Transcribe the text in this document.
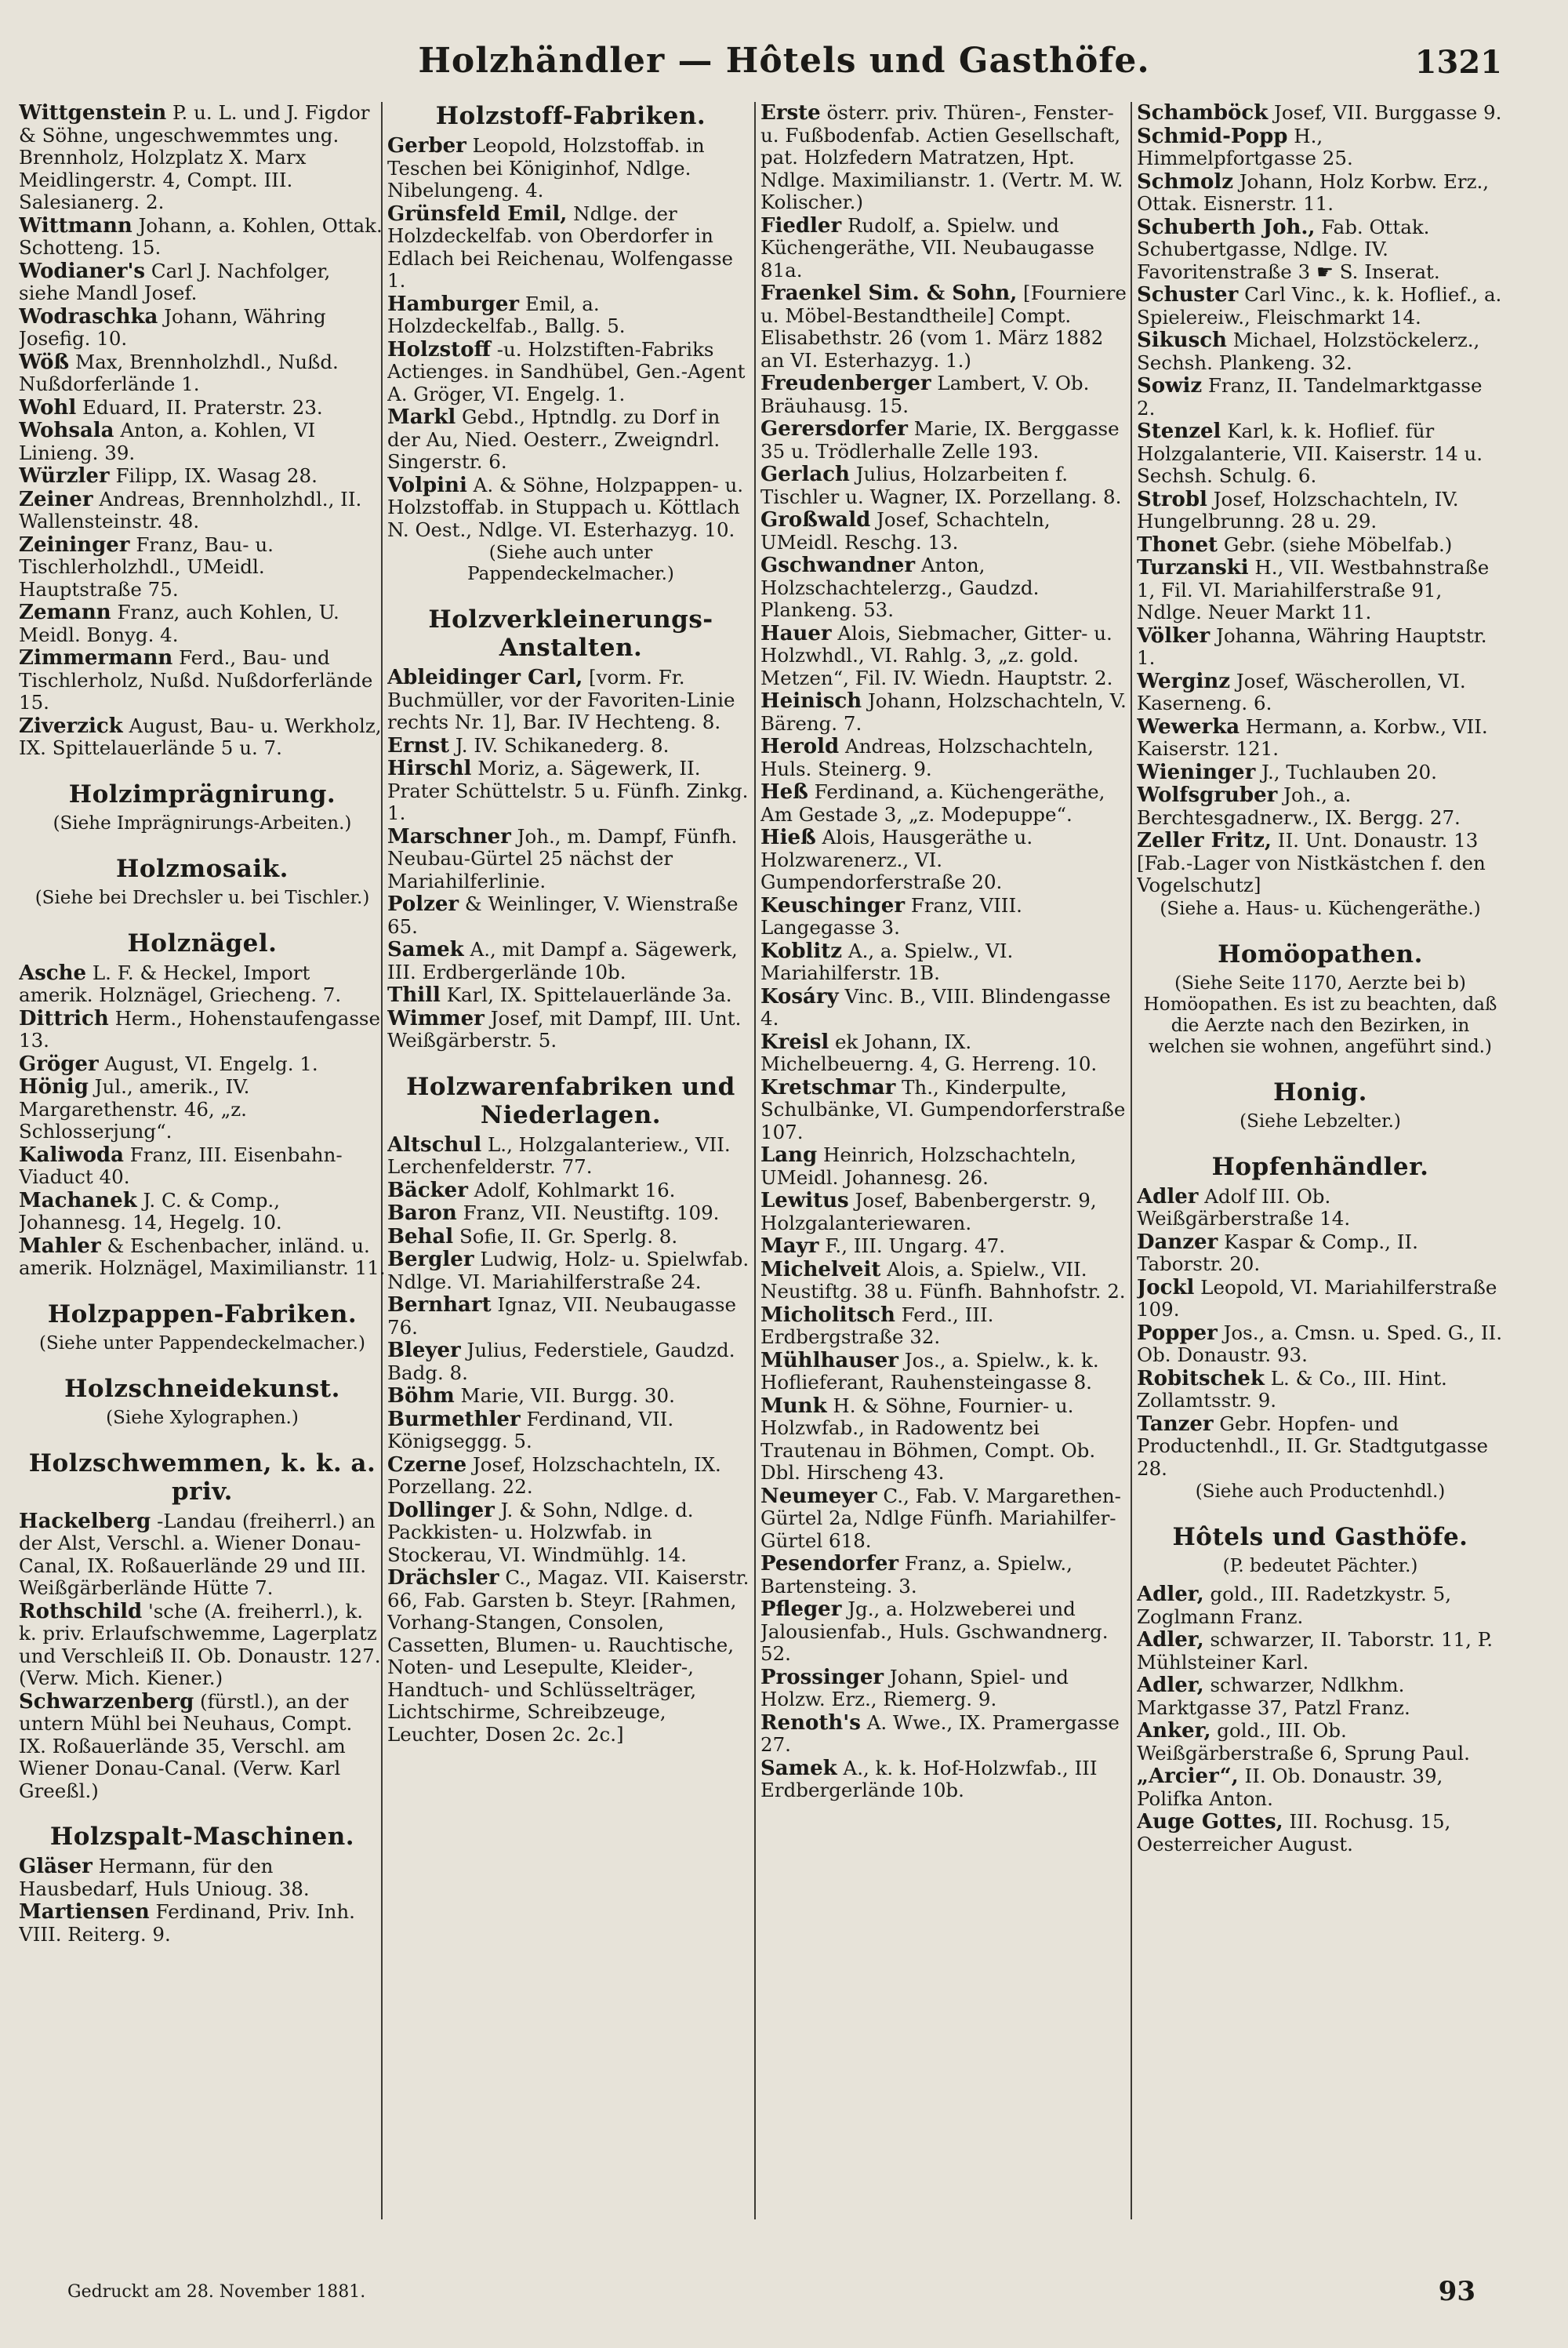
Holzhändler — Hôtels und Gasthöfe.	1321
Wittgenstein P. u. L. und J. Figdor & Söhne, ungeschwemmtes ung. Brennholz, Holzplatz X. Marx Meidlingerstr. 4, Compt. III. Salesianerg. 2.
Wittmann Johann, a. Kohlen, Ottak. Schotteng. 15.
Wodianer's Carl J. Nachfolger, siehe Mandl Josef.
Wodraschka Johann, Währing Josefig. 10.
Wöß Max, Brennholzhdl., Nußd. Nußdorferlände 1.
Wohl Eduard, II. Praterstr. 23.
Wohsala Anton, a. Kohlen, VI Linieng. 39.
Würzler Filipp, IX. Wasag 28.
Zeiner Andreas, Brennholzhdl., II. Wallensteinstr. 48.
Zeininger Franz, Bau- u. Tischlerholzhdl., UMeidl. Hauptstraße 75.
Zemann Franz, auch Kohlen, U. Meidl. Bonyg. 4.
Zimmermann Ferd., Bau- und Tischlerholz, Nußd. Nußdorferlände 15.
Ziverzick August, Bau- u. Werkholz, IX. Spittelauerlände 5 u. 7.
Holzimprägnirung.
(Siehe Imprägnirungs-Arbeiten.)
Holzmosaik.
(Siehe bei Drechsler u. bei Tischler.)
Holznägel.
Asche L. F. & Heckel, Import amerik. Holznägel, Griecheng. 7.
Dittrich Herm., Hohenstaufengasse 13.
Gröger August, VI. Engelg. 1.
Hönig Jul., amerik., IV. Margarethenstr. 46, „z. Schlosserjung“.
Kaliwoda Franz, III. Eisenbahn-Viaduct 40.
Machanek J. C. & Comp., Johannesg. 14, Hegelg. 10.
Mahler & Eschenbacher, inländ. u. amerik. Holznägel, Maximilianstr. 11.
Holzpappen-Fabriken.
(Siehe unter Pappendeckelmacher.)
Holzschneidekunst.
(Siehe Xylographen.)
Holzschwemmen, k. k. a. priv.
Hackelberg -Landau (freiherrl.) an der Alst, Verschl. a. Wiener Donau-Canal, IX. Roßauerlände 29 und III. Weißgärberlände Hütte 7.
Rothschild 'sche (A. freiherrl.), k. k. priv. Erlaufschwemme, Lagerplatz und Verschleiß II. Ob. Donaustr. 127. (Verw. Mich. Kiener.)
Schwarzenberg (fürstl.), an der untern Mühl bei Neuhaus, Compt. IX. Roßauerlände 35, Verschl. am Wiener Donau-Canal. (Verw. Karl Greeßl.)
Holzspalt-Maschinen.
Gläser Hermann, für den Hausbedarf, Huls Unioug. 38.
Martiensen Ferdinand, Priv. Inh. VIII. Reiterg. 9.
Holzstoff-Fabriken.
Gerber Leopold, Holzstoffab. in Teschen bei Königinhof, Ndlge. Nibelungeng. 4.
Grünsfeld Emil, Ndlge. der Holzdeckelfab. von Oberdorfer in Edlach bei Reichenau, Wolfengasse 1.
Hamburger Emil, a. Holzdeckelfab., Ballg. 5.
Holzstoff -u. Holzstiften-Fabriks Actienges. in Sandhübel, Gen.-Agent A. Gröger, VI. Engelg. 1.
Markl Gebd., Hptndlg. zu Dorf in der Au, Nied. Oesterr., Zweigndrl. Singerstr. 6.
Volpini A. & Söhne, Holzpappen- u. Holzstoffab. in Stuppach u. Köttlach N. Oest., Ndlge. VI. Esterhazyg. 10.
(Siehe auch unter Pappendeckelmacher.)
Holzverkleinerungs-Anstalten.
Ableidinger Carl, [vorm. Fr. Buchmüller, vor der Favoriten-Linie rechts Nr. 1], Bar. IV Hechteng. 8.
Ernst J. IV. Schikanederg. 8.
Hirschl Moriz, a. Sägewerk, II. Prater Schüttelstr. 5 u. Fünfh. Zinkg. 1.
Marschner Joh., m. Dampf, Fünfh. Neubau-Gürtel 25 nächst der Mariahilferlinie.
Polzer & Weinlinger, V. Wienstraße 65.
Samek A., mit Dampf a. Sägewerk, III. Erdbergerlände 10b.
Thill Karl, IX. Spittelauerlände 3a.
Wimmer Josef, mit Dampf, III. Unt. Weißgärberstr. 5.
Holzwarenfabriken und Niederlagen.
Altschul L., Holzgalanteriew., VII. Lerchenfelderstr. 77.
Bäcker Adolf, Kohlmarkt 16.
Baron Franz, VII. Neustiftg. 109.
Behal Sofie, II. Gr. Sperlg. 8.
Bergler Ludwig, Holz- u. Spielwfab. Ndlge. VI. Mariahilferstraße 24.
Bernhart Ignaz, VII. Neubaugasse 76.
Bleyer Julius, Federstiele, Gaudzd. Badg. 8.
Böhm Marie, VII. Burgg. 30.
Burmethler Ferdinand, VII. Königseggg. 5.
Czerne Josef, Holzschachteln, IX. Porzellang. 22.
Dollinger J. & Sohn, Ndlge. d. Packkisten- u. Holzwfab. in Stockerau, VI. Windmühlg. 14.
Drächsler C., Magaz. VII. Kaiserstr. 66, Fab. Garsten b. Steyr. [Rahmen, Vorhang-Stangen, Consolen, Cassetten, Blumen- u. Rauchtische, Noten- und Lesepulte, Kleider-, Handtuch- und Schlüsselträger, Lichtschirme, Schreibzeuge, Leuchter, Dosen 2c. 2c.]
Erste österr. priv. Thüren-, Fenster- u. Fußbodenfab. Actien Gesellschaft, pat. Holzfedern Matratzen, Hpt. Ndlge. Maximilianstr. 1. (Vertr. M. W. Kolischer.)
Fiedler Rudolf, a. Spielw. und Küchengeräthe, VII. Neubaugasse 81a.
Fraenkel Sim. & Sohn, [Fourniere u. Möbel-Bestandtheile] Compt. Elisabethstr. 26 (vom 1. März 1882 an VI. Esterhazyg. 1.)
Freudenberger Lambert, V. Ob. Bräuhausg. 15.
Gerersdorfer Marie, IX. Berggasse 35 u. Trödlerhalle Zelle 193.
Gerlach Julius, Holzarbeiten f. Tischler u. Wagner, IX. Porzellang. 8.
Großwald Josef, Schachteln, UMeidl. Reschg. 13.
Gschwandner Anton, Holzschachtelerzg., Gaudzd. Plankeng. 53.
Hauer Alois, Siebmacher, Gitter- u. Holzwhdl., VI. Rahlg. 3, „z. gold. Metzen“, Fil. IV. Wiedn. Hauptstr. 2.
Heinisch Johann, Holzschachteln, V. Bäreng. 7.
Herold Andreas, Holzschachteln, Huls. Steinerg. 9.
Heß Ferdinand, a. Küchengeräthe, Am Gestade 3, „z. Modepuppe“.
Hieß Alois, Hausgeräthe u. Holzwarenerz., VI. Gumpendorferstraße 20.
Keuschinger Franz, VIII. Langegasse 3.
Koblitz A., a. Spielw., VI. Mariahilferstr. 1B.
Kosáry Vinc. B., VIII. Blindengasse 4.
Kreisl ek Johann, IX. Michelbeuerng. 4, G. Herreng. 10.
Kretschmar Th., Kinderpulte, Schulbänke, VI. Gumpendorferstraße 107.
Lang Heinrich, Holzschachteln, UMeidl. Johannesg. 26.
Lewitus Josef, Babenbergerstr. 9, Holzgalanteriewaren.
Mayr F., III. Ungarg. 47.
Michelveit Alois, a. Spielw., VII. Neustiftg. 38 u. Fünfh. Bahnhofstr. 2.
Micholitsch Ferd., III. Erdbergstraße 32.
Mühlhauser Jos., a. Spielw., k. k. Hoflieferant, Rauhensteingasse 8.
Munk H. & Söhne, Fournier- u. Holzwfab., in Radowentz bei Trautenau in Böhmen, Compt. Ob. Dbl. Hirscheng 43.
Neumeyer C., Fab. V. Margarethen-Gürtel 2a, Ndlge Fünfh. Mariahilfer-Gürtel 618.
Pesendorfer Franz, a. Spielw., Bartensteing. 3.
Pfleger Jg., a. Holzweberei und Jalousienfab., Huls. Gschwandnerg. 52.
Prossinger Johann, Spiel- und Holzw. Erz., Riemerg. 9.
Renoth's A. Wwe., IX. Pramergasse 27.
Samek A., k. k. Hof-Holzwfab., III Erdbergerlände 10b.
Schamböck Josef, VII. Burggasse 9.
Schmid-Popp H., Himmelpfortgasse 25.
Schmolz Johann, Holz Korbw. Erz., Ottak. Eisnerstr. 11.
Schuberth Joh., Fab. Ottak. Schubertgasse, Ndlge. IV. Favoritenstraße 3 ☛ S. Inserat.
Schuster Carl Vinc., k. k. Hoflief., a. Spielereiw., Fleischmarkt 14.
Sikusch Michael, Holzstöckelerz., Sechsh. Plankeng. 32.
Sowiz Franz, II. Tandelmarktgasse 2.
Stenzel Karl, k. k. Hoflief. für Holzgalanterie, VII. Kaiserstr. 14 u. Sechsh. Schulg. 6.
Strobl Josef, Holzschachteln, IV. Hungelbrunng. 28 u. 29.
Thonet Gebr. (siehe Möbelfab.)
Turzanski H., VII. Westbahnstraße 1, Fil. VI. Mariahilferstraße 91, Ndlge. Neuer Markt 11.
Völker Johanna, Währing Hauptstr. 1.
Werginz Josef, Wäscherollen, VI. Kaserneng. 6.
Wewerka Hermann, a. Korbw., VII. Kaiserstr. 121.
Wieninger J., Tuchlauben 20.
Wolfsgruber Joh., a. Berchtesgadnerw., IX. Bergg. 27.
Zeller Fritz, II. Unt. Donaustr. 13 [Fab.-Lager von Nistkästchen f. den Vogelschutz]
(Siehe a. Haus- u. Küchengeräthe.)
Homöopathen.
(Siehe Seite 1170, Aerzte bei b) Homöopathen. Es ist zu beachten, daß die Aerzte nach den Bezirken, in welchen sie wohnen, angeführt sind.)
Honig.
(Siehe Lebzelter.)
Hopfenhändler.
Adler Adolf III. Ob. Weißgärberstraße 14.
Danzer Kaspar & Comp., II. Taborstr. 20.
Jockl Leopold, VI. Mariahilferstraße 109.
Popper Jos., a. Cmsn. u. Sped. G., II. Ob. Donaustr. 93.
Robitschek L. & Co., III. Hint. Zollamtsstr. 9.
Tanzer Gebr. Hopfen- und Productenhdl., II. Gr. Stadtgutgasse 28.
(Siehe auch Productenhdl.)
Hôtels und Gasthöfe.
(P. bedeutet Pächter.)
Adler, gold., III. Radetzkystr. 5, Zoglmann Franz.
Adler, schwarzer, II. Taborstr. 11, P. Mühlsteiner Karl.
Adler, schwarzer, Ndlkhm. Marktgasse 37, Patzl Franz.
Anker, gold., III. Ob. Weißgärberstraße 6, Sprung Paul.
„Arcier“, II. Ob. Donaustr. 39, Polifka Anton.
Auge Gottes, III. Rochusg. 15, Oesterreicher August.
Gedruckt am 28. November 1881.	93
